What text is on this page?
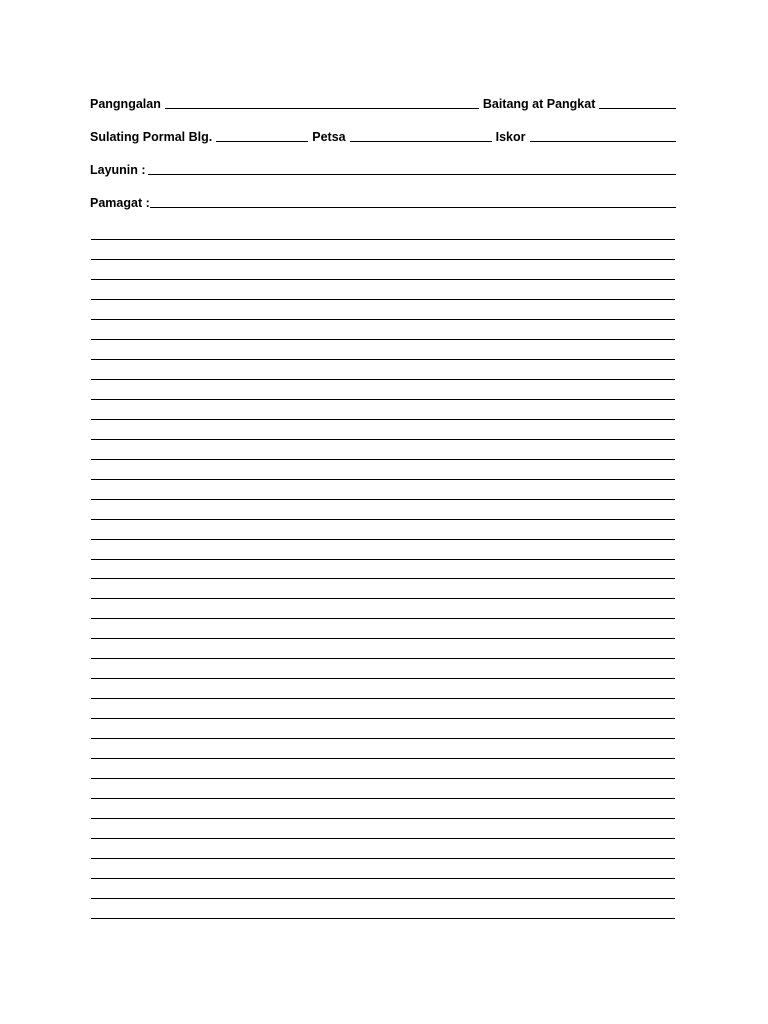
Pangngalan	Baitang at Pangkat
Sulating Pormal Blg.	Petsa	Iskor
Layunin :
Pamagat :
